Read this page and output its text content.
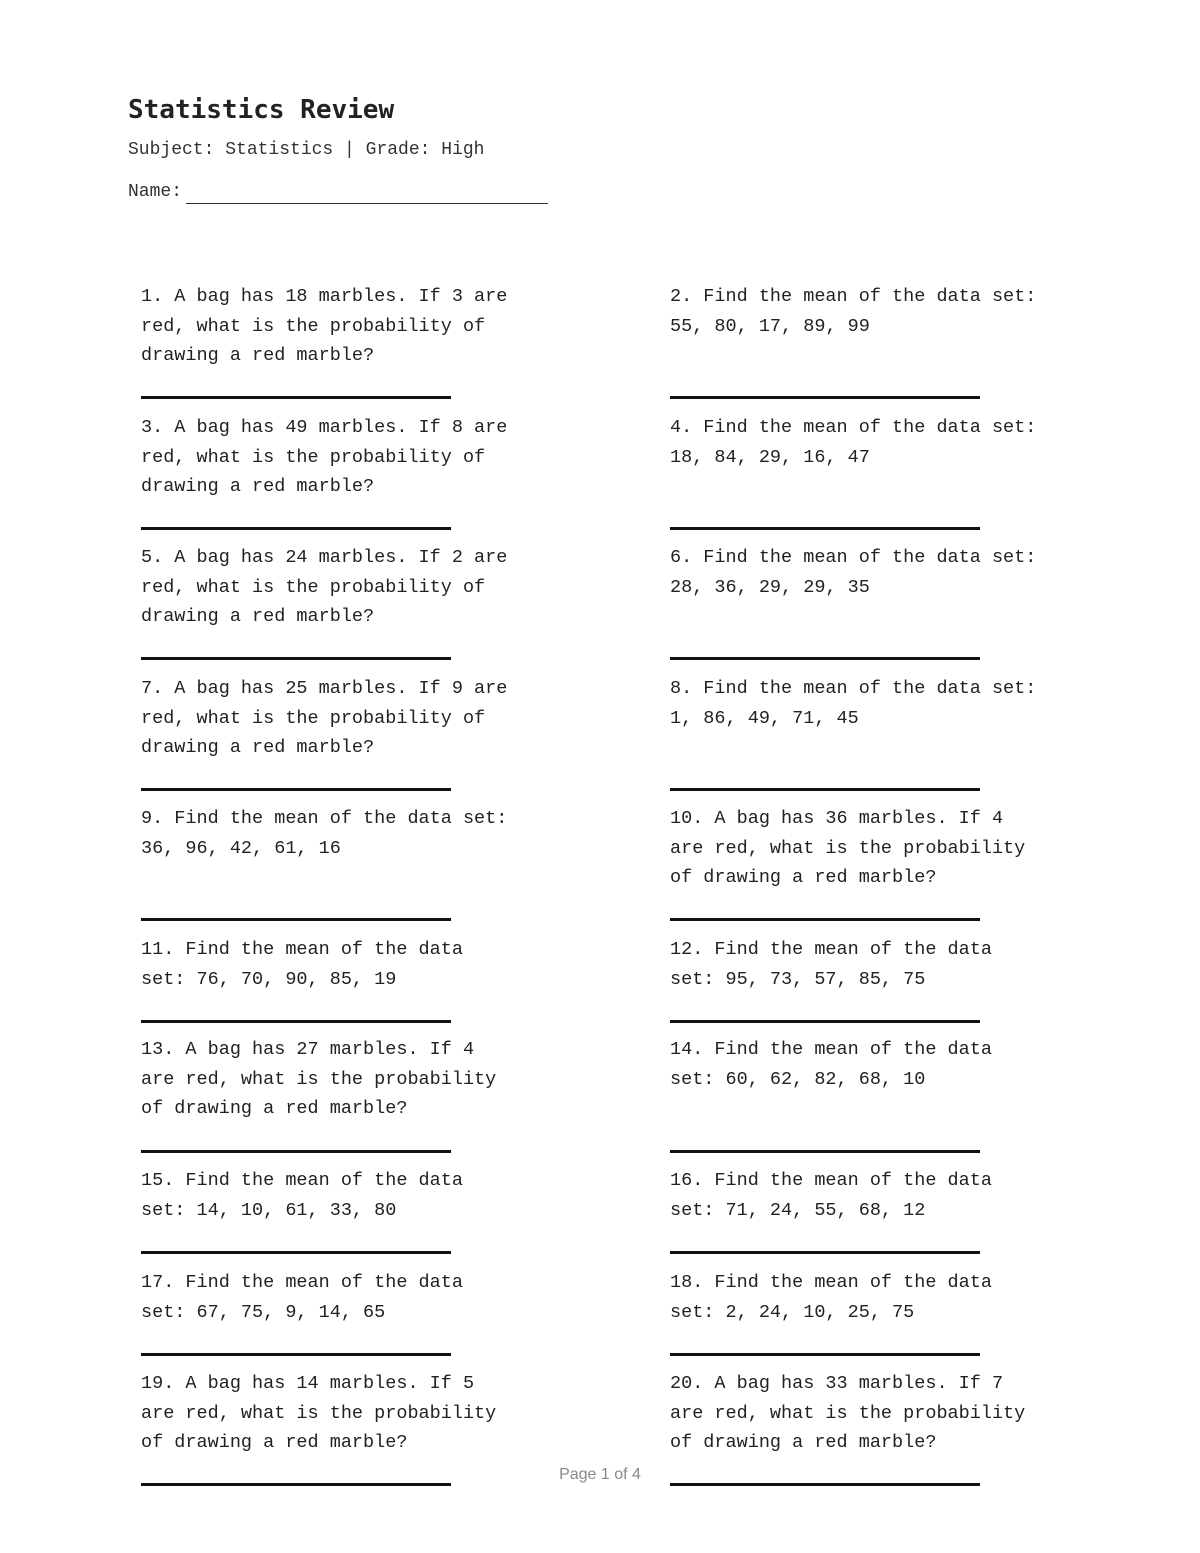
Statistics Review
Subject: Statistics | Grade: High
Name:

1. A bag has 18 marbles. If 3 are
red, what is the probability of
drawing a red marble?

2. Find the mean of the data set:
55, 80, 17, 89, 99

3. A bag has 49 marbles. If 8 are
red, what is the probability of
drawing a red marble?

4. Find the mean of the data set:
18, 84, 29, 16, 47

5. A bag has 24 marbles. If 2 are
red, what is the probability of
drawing a red marble?

6. Find the mean of the data set:
28, 36, 29, 29, 35

7. A bag has 25 marbles. If 9 are
red, what is the probability of
drawing a red marble?

8. Find the mean of the data set:
1, 86, 49, 71, 45

9. Find the mean of the data set:
36, 96, 42, 61, 16

10. A bag has 36 marbles. If 4
are red, what is the probability
of drawing a red marble?

11. Find the mean of the data
set: 76, 70, 90, 85, 19

12. Find the mean of the data
set: 95, 73, 57, 85, 75

13. A bag has 27 marbles. If 4
are red, what is the probability
of drawing a red marble?

14. Find the mean of the data
set: 60, 62, 82, 68, 10

15. Find the mean of the data
set: 14, 10, 61, 33, 80

16. Find the mean of the data
set: 71, 24, 55, 68, 12

17. Find the mean of the data
set: 67, 75, 9, 14, 65

18. Find the mean of the data
set: 2, 24, 10, 25, 75

19. A bag has 14 marbles. If 5
are red, what is the probability
of drawing a red marble?

20. A bag has 33 marbles. If 7
are red, what is the probability
of drawing a red marble?

Page 1 of 4
